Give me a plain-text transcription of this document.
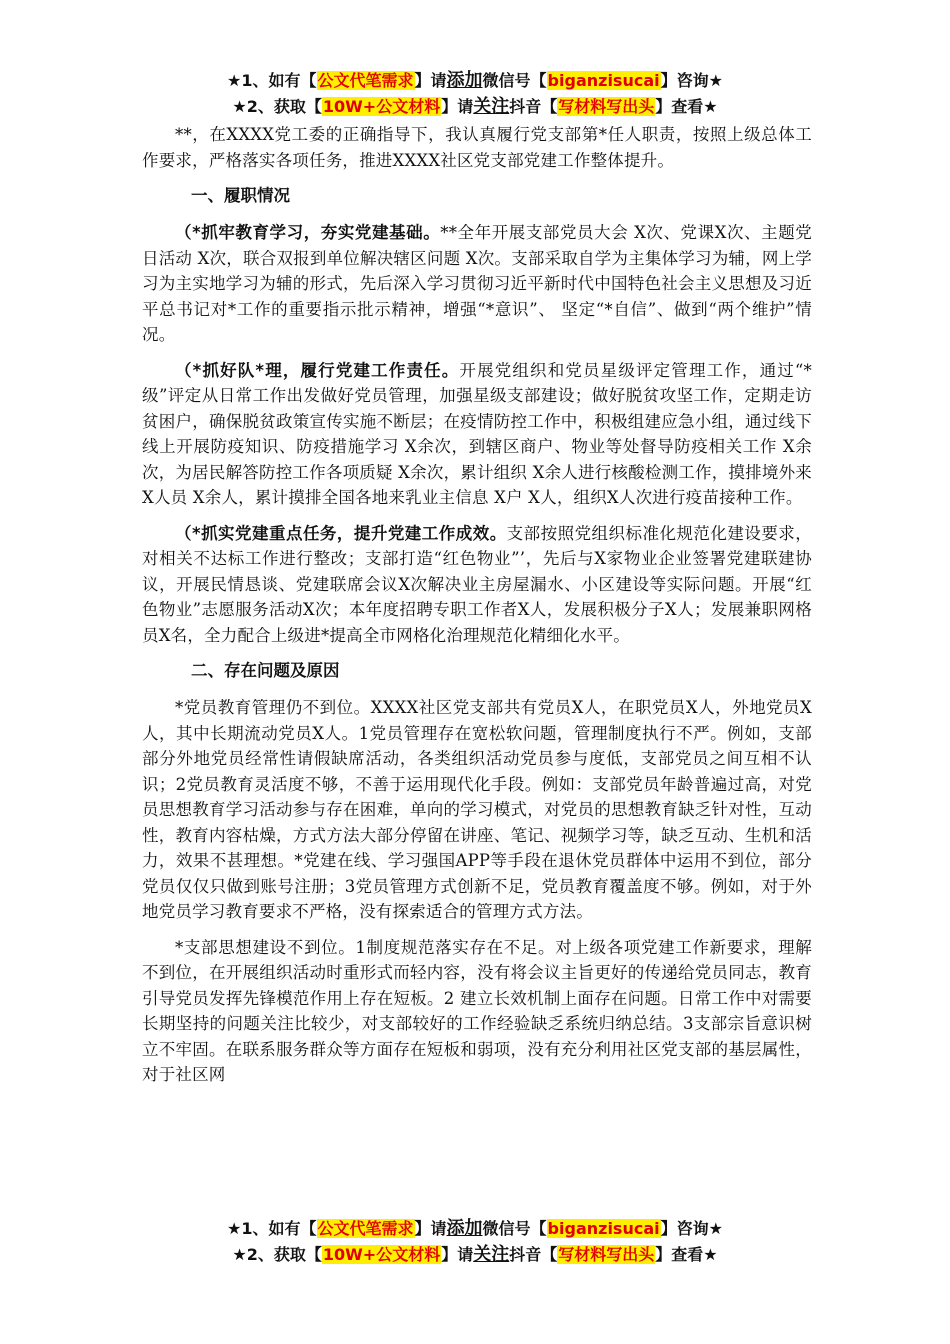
★1、如有【公文代笔需求】请添加微信号【biganzisucai】咨询★
★2、获取【10W+公文材料】请关注抖音【写材料写出头】查看★

**，在XXXX党工委的正确指导下，我认真履行党支部第*任人职责，按照上级总体工作要求，严格落实各项任务，推进XXXX社区党支部党建工作整体提升。

一、履职情况

（*抓牢教育学习，夯实党建基础。**全年开展支部党员大会 X次、党课X次、主题党日活动 X次，联合双报到单位解决辖区问题 X次。支部采取自学为主集体学习为辅，网上学习为主实地学习为辅的形式，先后深入学习贯彻习近平新时代中国特色社会主义思想及习近平总书记对*工作的重要指示批示精神，增强“*意识”、 坚定“*自信”、做到“两个维护”情况。

（*抓好队*理，履行党建工作责任。开展党组织和党员星级评定管理工作，通过“*级”评定从日常工作出发做好党员管理，加强星级支部建设；做好脱贫攻坚工作，定期走访贫困户，确保脱贫政策宣传实施不断层；在疫情防控工作中，积极组建应急小组，通过线下线上开展防疫知识、防疫措施学习 X余次，到辖区商户、物业等处督导防疫相关工作 X余次，为居民解答防控工作各项质疑 X余次，累计组织 X余人进行核酸检测工作，摸排境外来X人员 X余人，累计摸排全国各地来乳业主信息 X户 X人，组织X人次进行疫苗接种工作。

（*抓实党建重点任务，提升党建工作成效。支部按照党组织标准化规范化建设要求，对相关不达标工作进行整改；支部打造“红色物业”’，先后与X家物业企业签署党建联建协议，开展民情恳谈、党建联席会议X次解决业主房屋漏水、小区建设等实际问题。开展“红色物业”志愿服务活动X次；本年度招聘专职工作者X人，发展积极分子X人；发展兼职网格员X名，全力配合上级进*提高全市网格化治理规范化精细化水平。

二、存在问题及原因

*党员教育管理仍不到位。XXXX社区党支部共有党员X人，在职党员X人，外地党员X人，其中长期流动党员X人。1党员管理存在宽松软问题，管理制度执行不严。例如，支部部分外地党员经常性请假缺席活动，各类组织活动党员参与度低，支部党员之间互相不认识；2党员教育灵活度不够，不善于运用现代化手段。例如：支部党员年龄普遍过高，对党员思想教育学习活动参与存在困难，单向的学习模式，对党员的思想教育缺乏针对性，互动性，教育内容枯燥，方式方法大部分停留在讲座、笔记、视频学习等，缺乏互动、生机和活力，效果不甚理想。*党建在线、学习强国APP等手段在退休党员群体中运用不到位，部分党员仅仅只做到账号注册；3党员管理方式创新不足，党员教育覆盖度不够。例如，对于外地党员学习教育要求不严格，没有探索适合的管理方式方法。

*支部思想建设不到位。1制度规范落实存在不足。对上级各项党建工作新要求，理解不到位，在开展组织活动时重形式而轻内容，没有将会议主旨更好的传递给党员同志，教育引导党员发挥先锋模范作用上存在短板。2 建立长效机制上面存在问题。日常工作中对需要长期坚持的问题关注比较少，对支部较好的工作经验缺乏系统归纳总结。3支部宗旨意识树立不牢固。在联系服务群众等方面存在短板和弱项，没有充分利用社区党支部的基层属性，对于社区网

★1、如有【公文代笔需求】请添加微信号【biganzisucai】咨询★
★2、获取【10W+公文材料】请关注抖音【写材料写出头】查看★
